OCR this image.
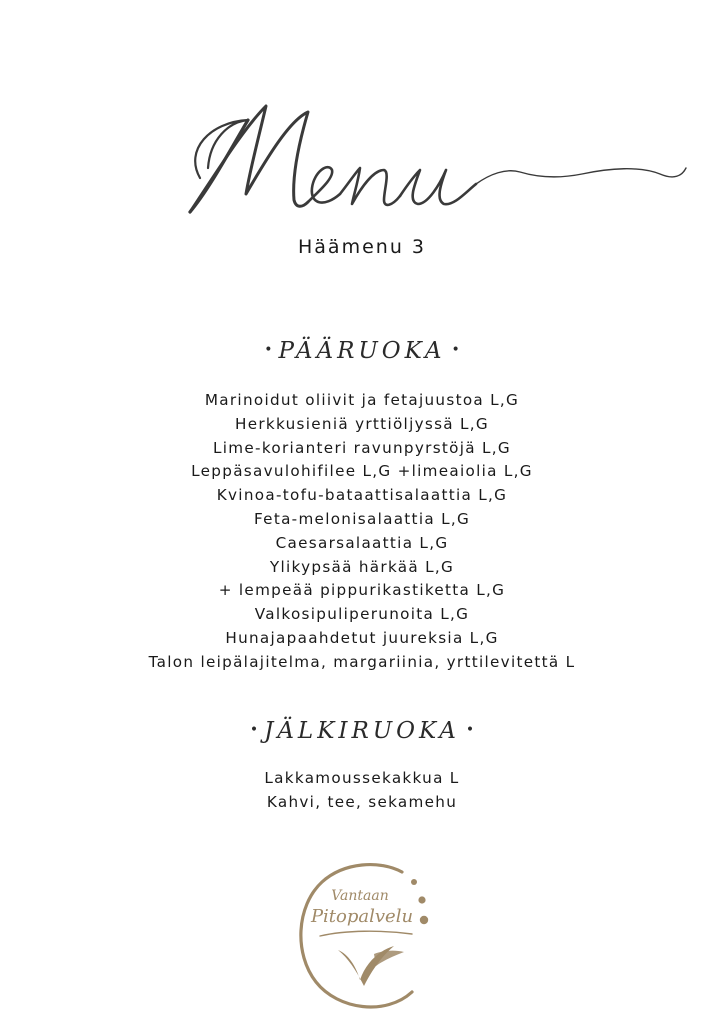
Häämenu 3
• PÄÄRUOKA •
Marinoidut oliivit ja fetajuustoa L,G
Herkkusieniä yrttiöljyssä L,G
Lime-korianteri ravunpyrstöjä L,G
Leppäsavulohifilee L,G +limeaiolia L,G
Kvinoa-tofu-bataattisalaattia L,G
Feta-melonisalaattia L,G
Caesarsalaattia L,G
Ylikypsää härkää L,G
+ lempeää pippurikastiketta L,G
Valkosipuliperunoita L,G
Hunajapaahdetut juureksia L,G
Talon leipälajitelma, margariinia, yrttilevitettä L
• JÄLKIRUOKA •
Lakkamoussekakkua L
Kahvi, tee, sekamehu
Vantaan
Pitopalvelu
